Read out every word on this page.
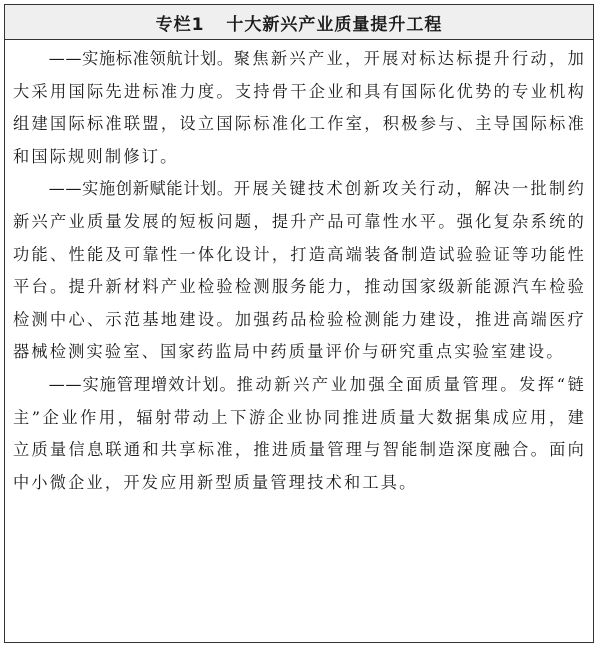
专栏1 十大新兴产业质量提升工程

——实施标准领航计划。聚焦新兴产业，开展对标达标提升行动，加大采用国际先进标准力度。支持骨干企业和具有国际化优势的专业机构组建国际标准联盟，设立国际标准化工作室，积极参与、主导国际标准和国际规则制修订。

——实施创新赋能计划。开展关键技术创新攻关行动，解决一批制约新兴产业质量发展的短板问题，提升产品可靠性水平。强化复杂系统的功能、性能及可靠性一体化设计，打造高端装备制造试验验证等功能性平台。提升新材料产业检验检测服务能力，推动国家级新能源汽车检验检测中心、示范基地建设。加强药品检验检测能力建设，推进高端医疗器械检测实验室、国家药监局中药质量评价与研究重点实验室建设。

——实施管理增效计划。推动新兴产业加强全面质量管理。发挥“链主”企业作用，辐射带动上下游企业协同推进质量大数据集成应用，建立质量信息联通和共享标准，推进质量管理与智能制造深度融合。面向中小微企业，开发应用新型质量管理技术和工具。
